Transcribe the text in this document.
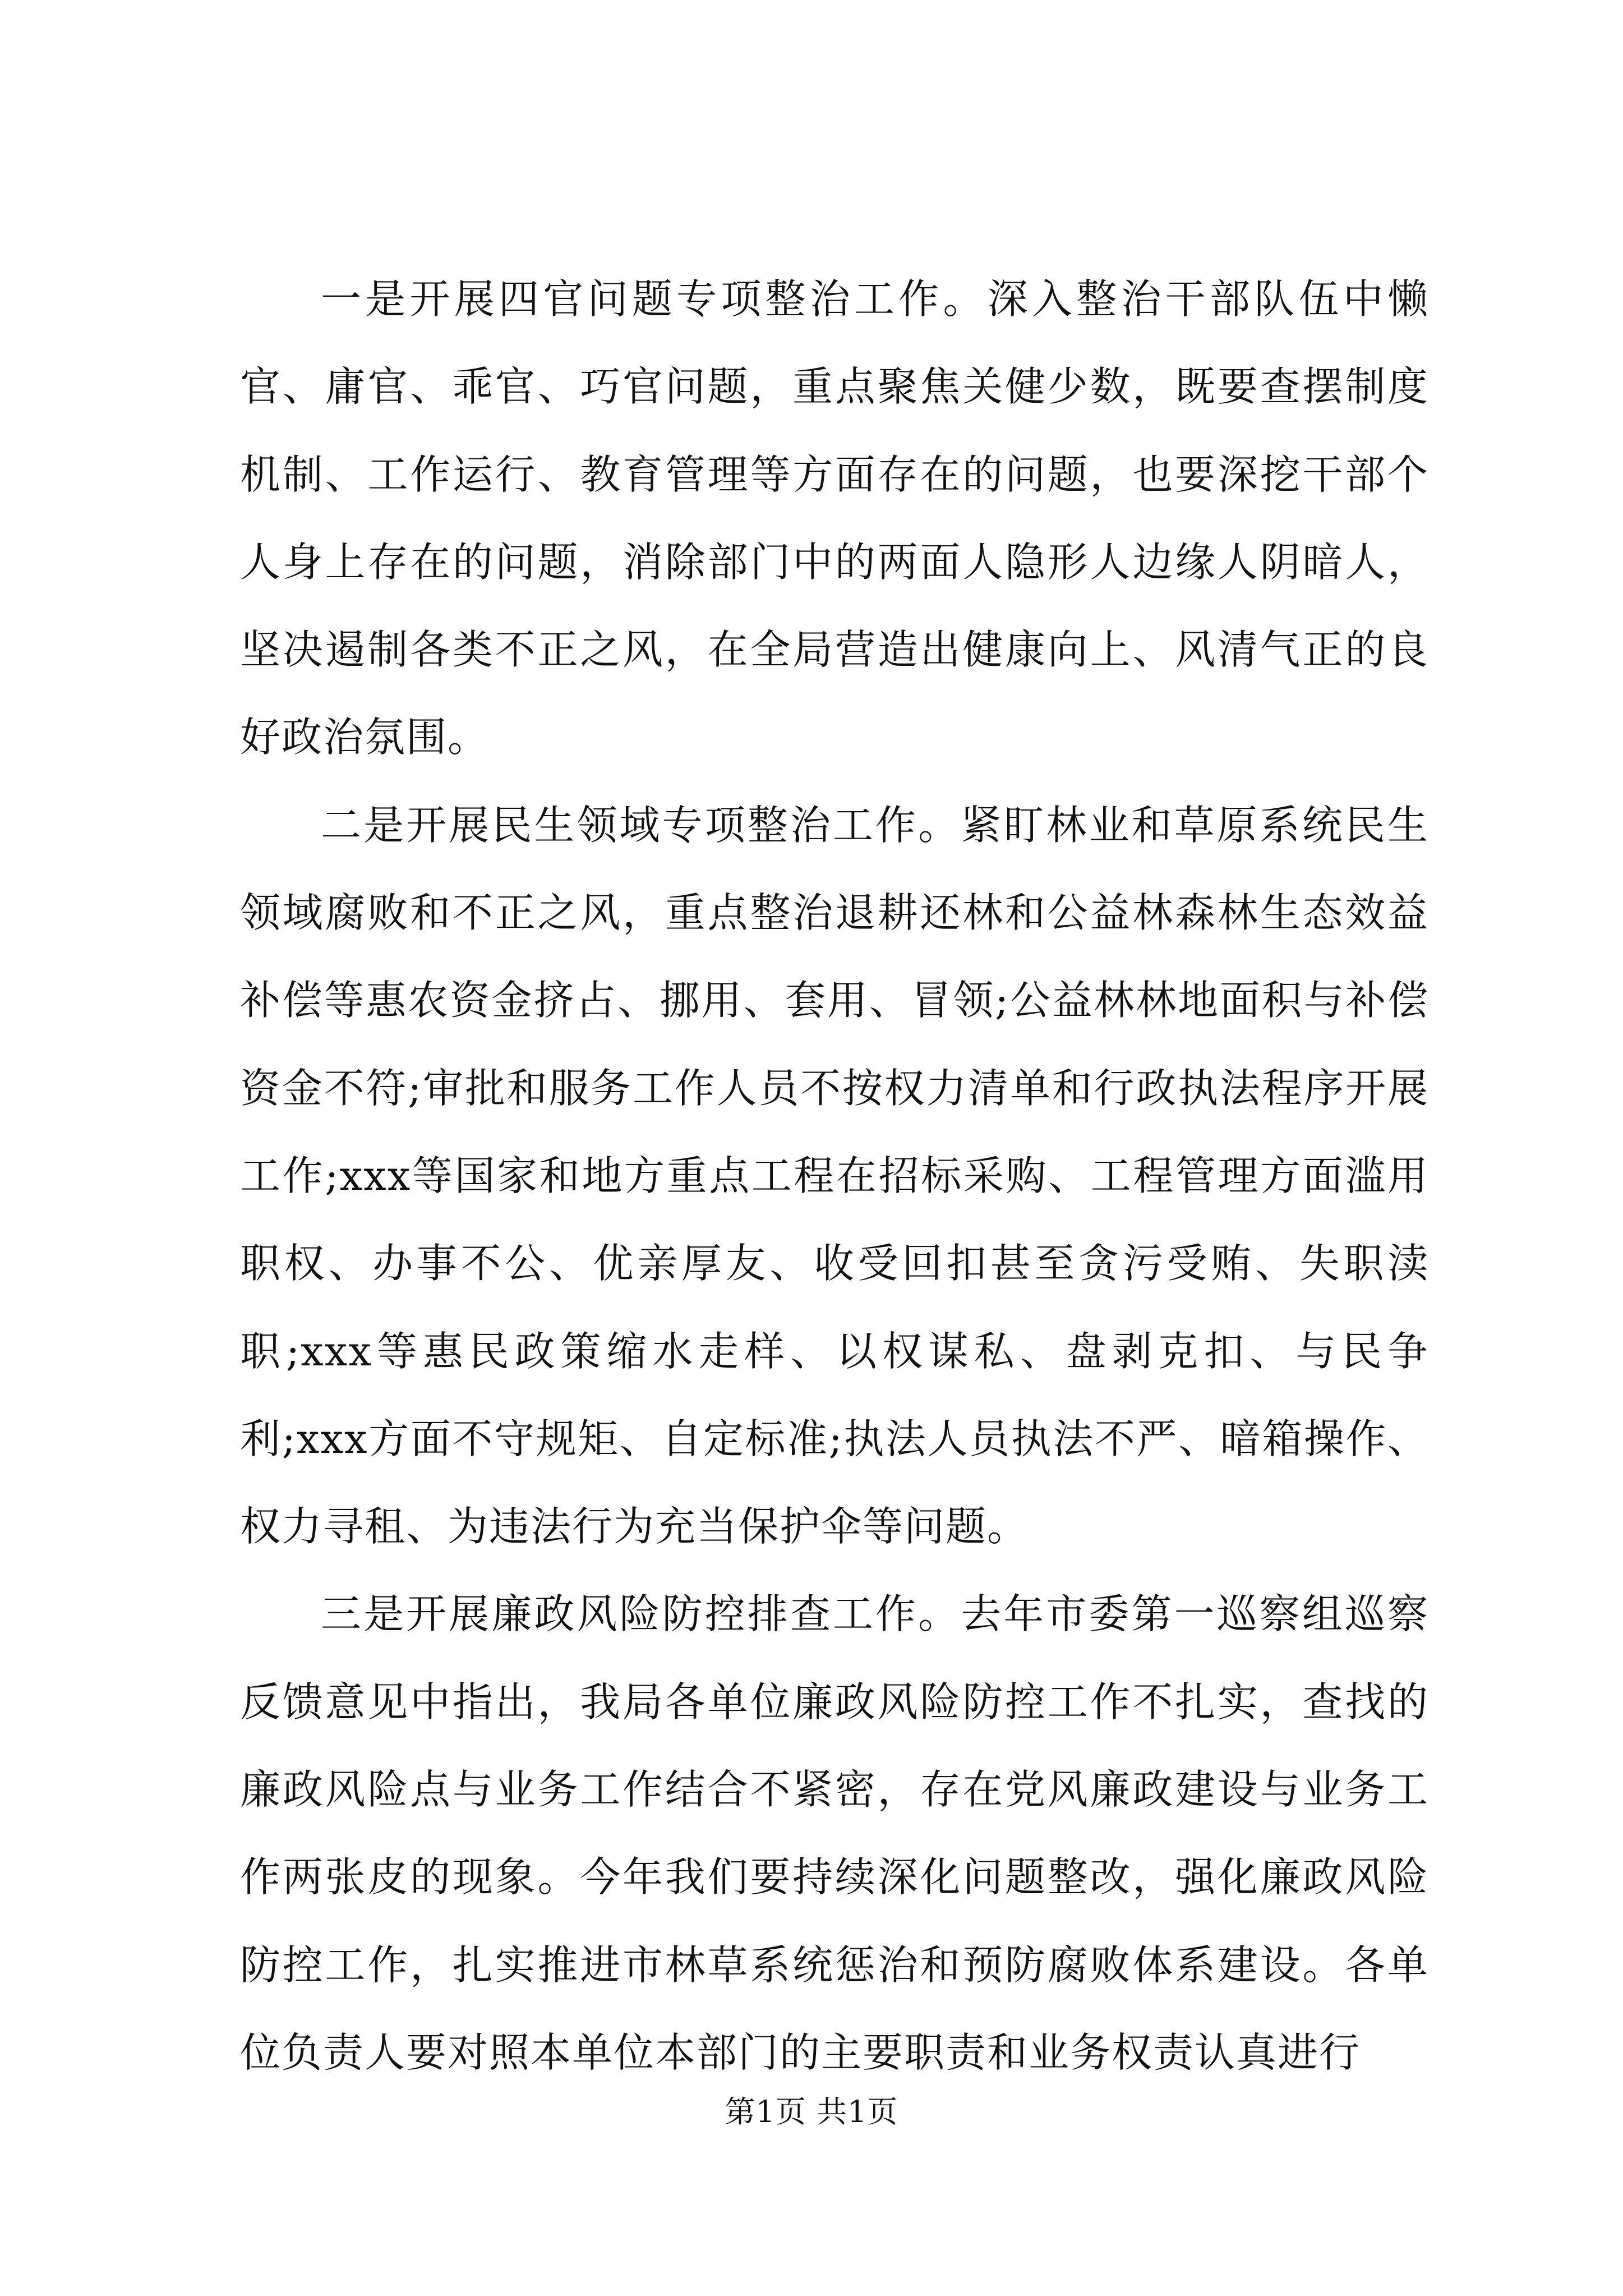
一是开展四官问题专项整治工作。深入整治干部队伍中懒官、庸官、乖官、巧官问题，重点聚焦关健少数，既要查摆制度机制、工作运行、教育管理等方面存在的问题，也要深挖干部个人身上存在的问题，消除部门中的两面人隐形人边缘人阴暗人，坚决遏制各类不正之风，在全局营造出健康向上、风清气正的良好政治氛围。

二是开展民生领域专项整治工作。紧盯林业和草原系统民生领域腐败和不正之风，重点整治退耕还林和公益林森林生态效益补偿等惠农资金挤占、挪用、套用、冒领;公益林林地面积与补偿资金不符;审批和服务工作人员不按权力清单和行政执法程序开展工作;xxx等国家和地方重点工程在招标采购、工程管理方面滥用职权、办事不公、优亲厚友、收受回扣甚至贪污受贿、失职渎职;xxx等惠民政策缩水走样、以权谋私、盘剥克扣、与民争利;xxx方面不守规矩、自定标准;执法人员执法不严、暗箱操作、权力寻租、为违法行为充当保护伞等问题。

三是开展廉政风险防控排查工作。去年市委第一巡察组巡察反馈意见中指出，我局各单位廉政风险防控工作不扎实，查找的廉政风险点与业务工作结合不紧密，存在党风廉政建设与业务工作两张皮的现象。今年我们要持续深化问题整改，强化廉政风险防控工作，扎实推进市林草系统惩治和预防腐败体系建设。各单位负责人要对照本单位本部门的主要职责和业务权责认真进行

第1页 共1页
